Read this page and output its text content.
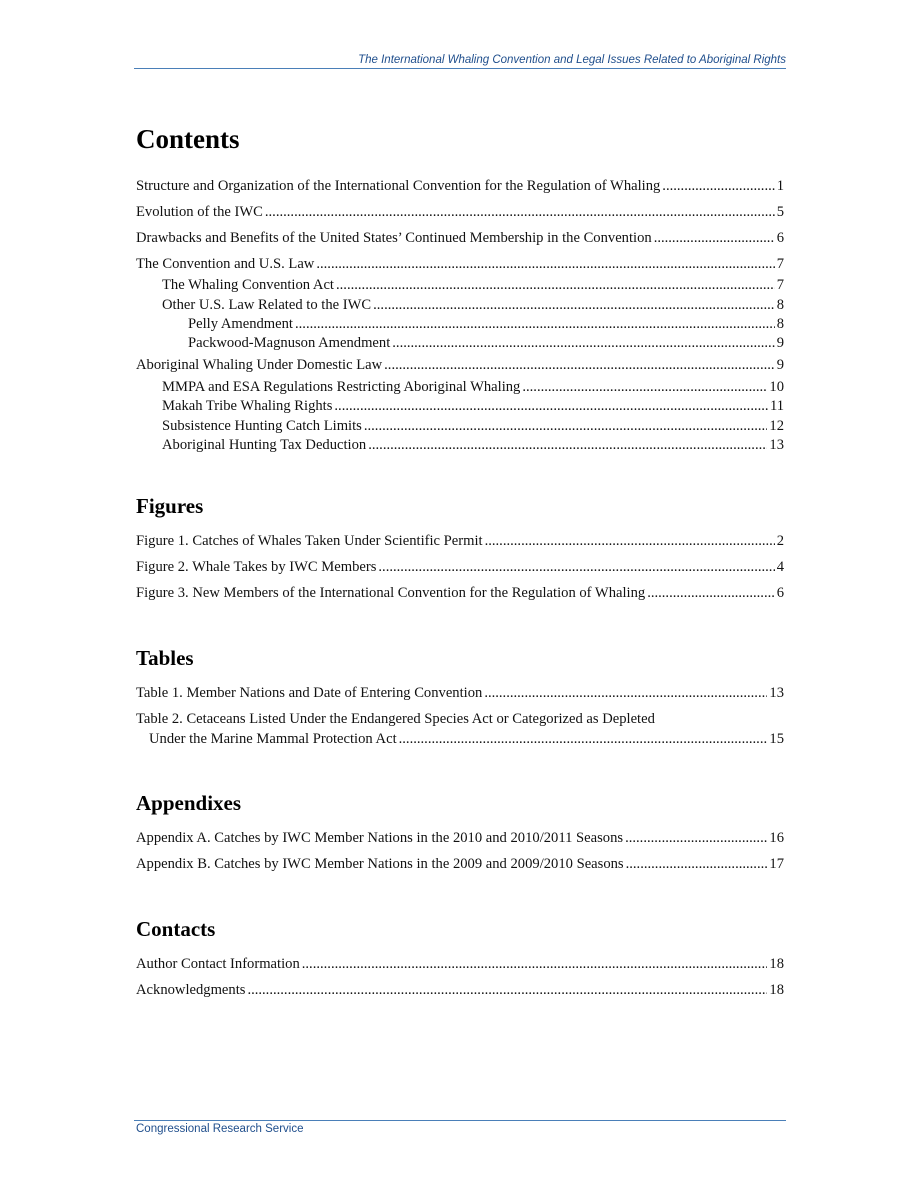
The International Whaling Convention and Legal Issues Related to Aboriginal Rights
Contents
Structure and Organization of the International Convention for the Regulation of Whaling .....	1
Evolution of the IWC .....	5
Drawbacks and Benefits of the United States’ Continued Membership in the Convention .....	6
The Convention and U.S. Law .....	7
The Whaling Convention Act .....	7
Other U.S. Law Related to the IWC .....	8
Pelly Amendment .....	8
Packwood-Magnuson Amendment .....	9
Aboriginal Whaling Under Domestic Law .....	9
MMPA and ESA Regulations Restricting Aboriginal Whaling .....	10
Makah Tribe Whaling Rights .....	11
Subsistence Hunting Catch Limits .....	12
Aboriginal Hunting Tax Deduction .....	13
Figures
Figure 1. Catches of Whales Taken Under Scientific Permit .....	2
Figure 2. Whale Takes by IWC Members .....	4
Figure 3. New Members of the International Convention for the Regulation of Whaling .....	6
Tables
Table 1. Member Nations and Date of Entering Convention .....	13
Table 2. Cetaceans Listed Under the Endangered Species Act or Categorized as Depleted
Under the Marine Mammal Protection Act .....	15
Appendixes
Appendix A. Catches by IWC Member Nations in the 2010 and 2010/2011 Seasons .....	16
Appendix B. Catches by IWC Member Nations in the 2009 and 2009/2010 Seasons .....	17
Contacts
Author Contact Information .....	18
Acknowledgments .....	18
Congressional Research Service
